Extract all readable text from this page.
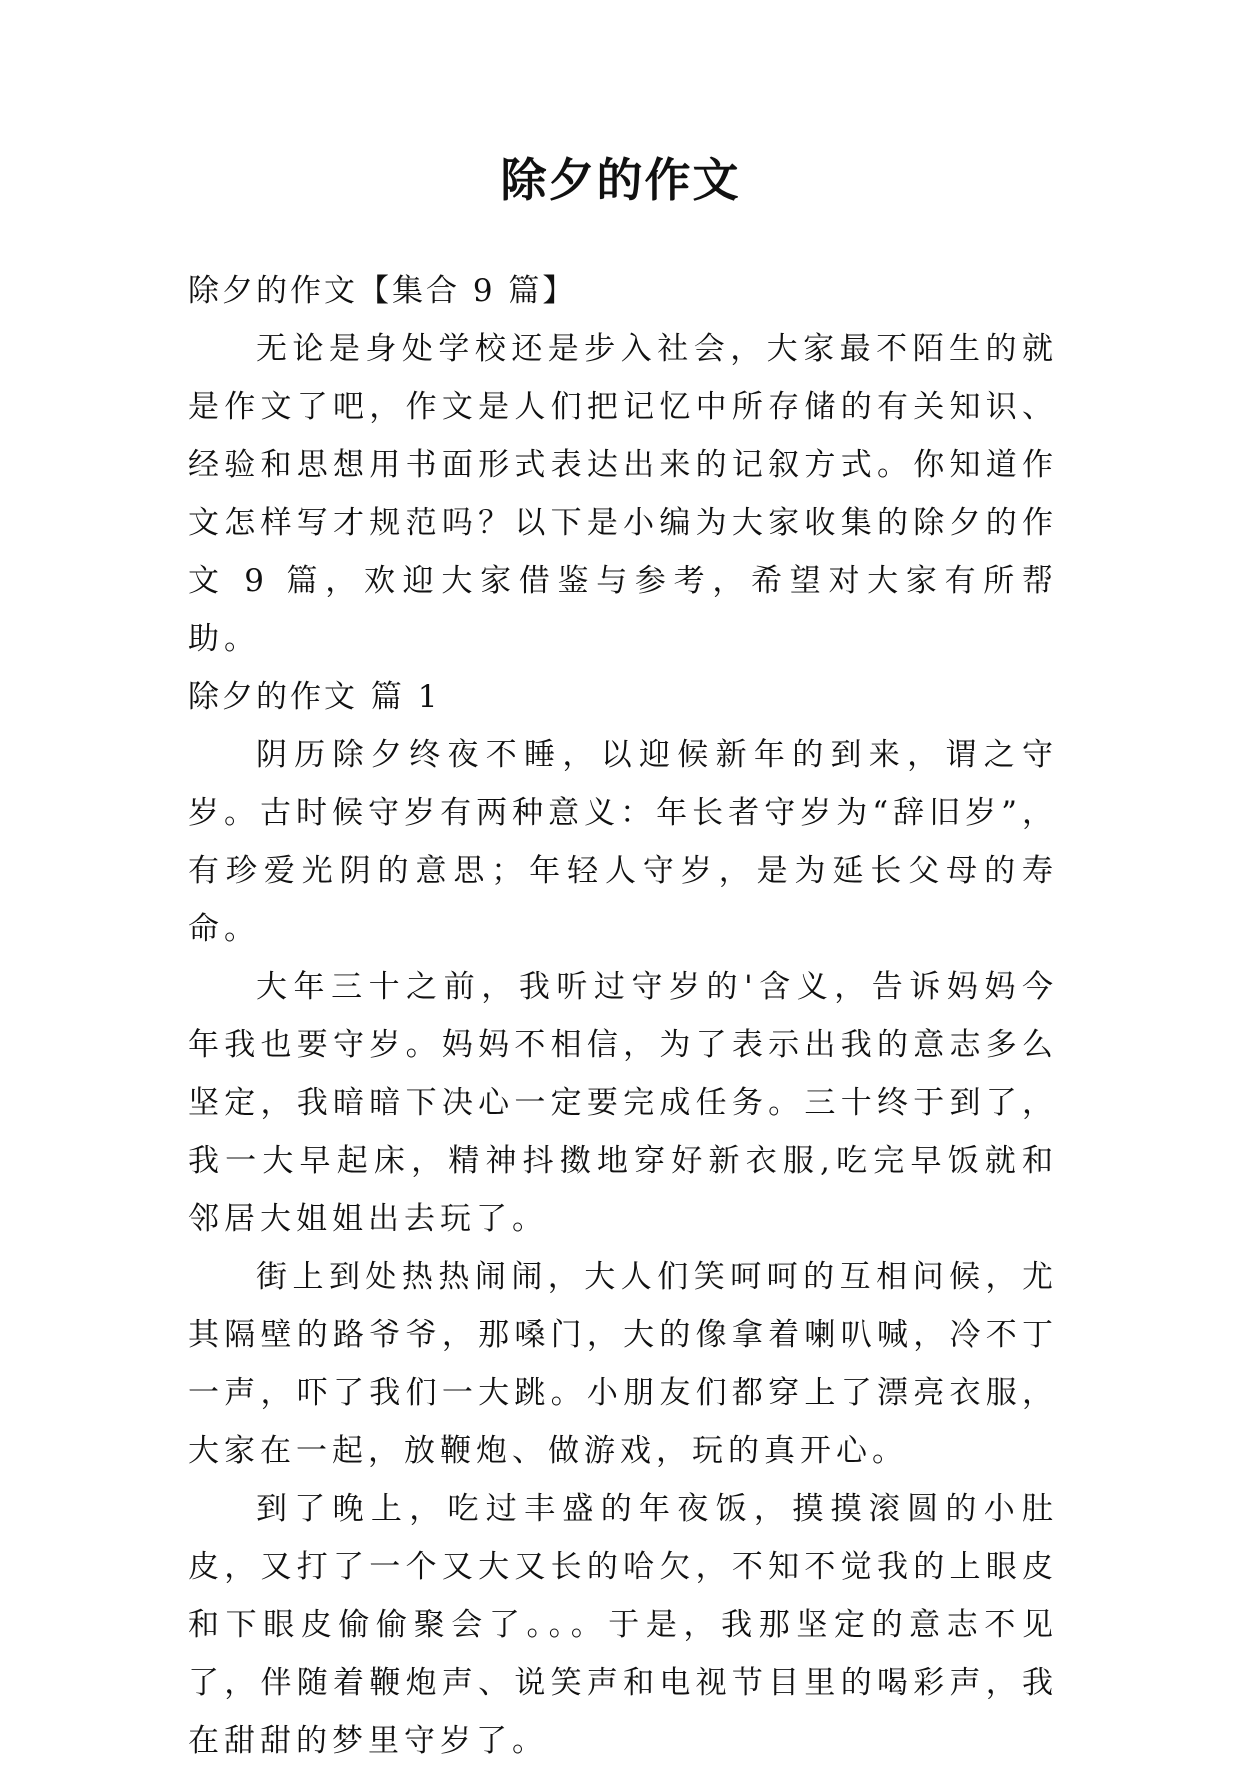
除夕的作文

除夕的作文【集合 9 篇】

无论是身处学校还是步入社会，大家最不陌生的就是作文了吧，作文是人们把记忆中所存储的有关知识、经验和思想用书面形式表达出来的记叙方式。你知道作文怎样写才规范吗？以下是小编为大家收集的除夕的作文 9 篇，欢迎大家借鉴与参考，希望对大家有所帮助。

除夕的作文 篇 1

阴历除夕终夜不睡，以迎候新年的到来，谓之守岁。古时候守岁有两种意义：年长者守岁为“辞旧岁”，有珍爱光阴的意思；年轻人守岁，是为延长父母的寿命。

大年三十之前，我听过守岁的'含义，告诉妈妈今年我也要守岁。妈妈不相信，为了表示出我的意志多么坚定，我暗暗下决心一定要完成任务。三十终于到了，我一大早起床，精神抖擞地穿好新衣服,吃完早饭就和邻居大姐姐出去玩了。

街上到处热热闹闹，大人们笑呵呵的互相问候，尤其隔壁的路爷爷，那嗓门，大的像拿着喇叭喊，冷不丁一声，吓了我们一大跳。小朋友们都穿上了漂亮衣服，大家在一起，放鞭炮、做游戏，玩的真开心。

到了晚上，吃过丰盛的年夜饭，摸摸滚圆的小肚皮，又打了一个又大又长的哈欠，不知不觉我的上眼皮和下眼皮偷偷聚会了。。。于是，我那坚定的意志不见了，伴随着鞭炮声、说笑声和电视节目里的喝彩声，我在甜甜的梦里守岁了。
